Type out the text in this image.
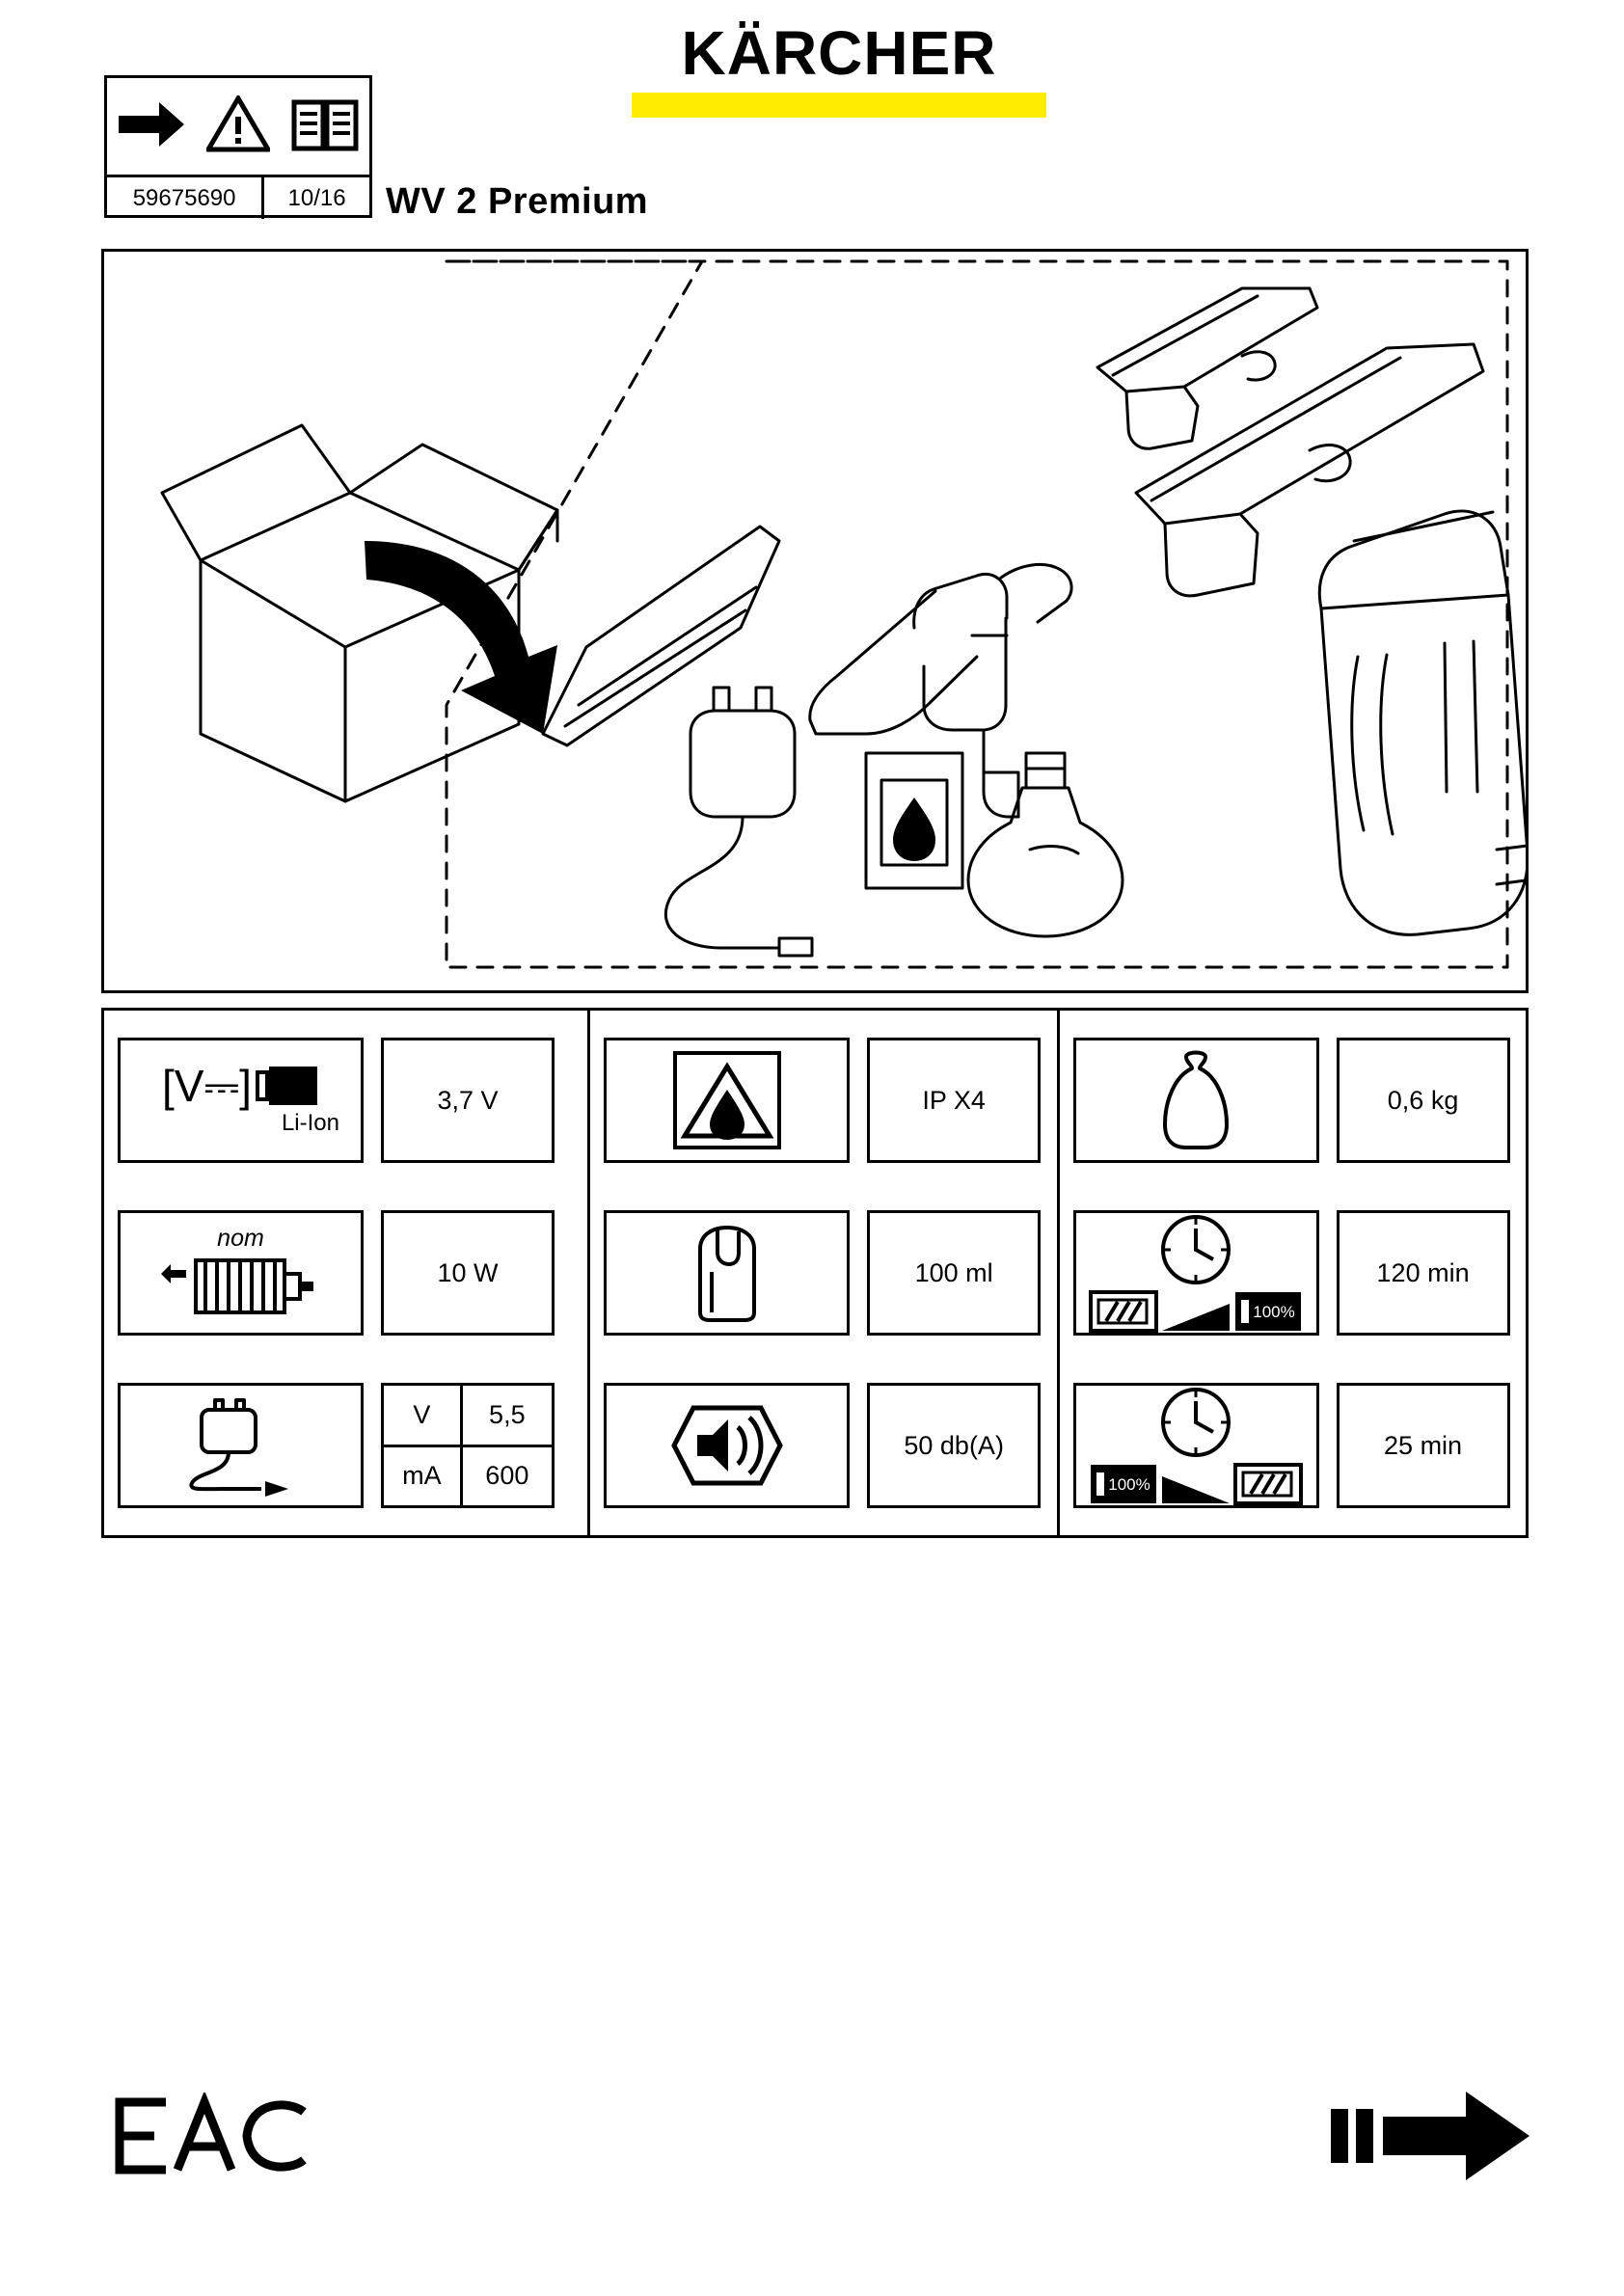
KÄRCHER
59675690	10/16	WV 2 Premium
[V⎓]
Li-Ion
3,7 V
nom
10 W
V	5,5
mA	600
IP X4
100 ml
50 db(A)
0,6 kg
100%
120 min
100%
25 min
